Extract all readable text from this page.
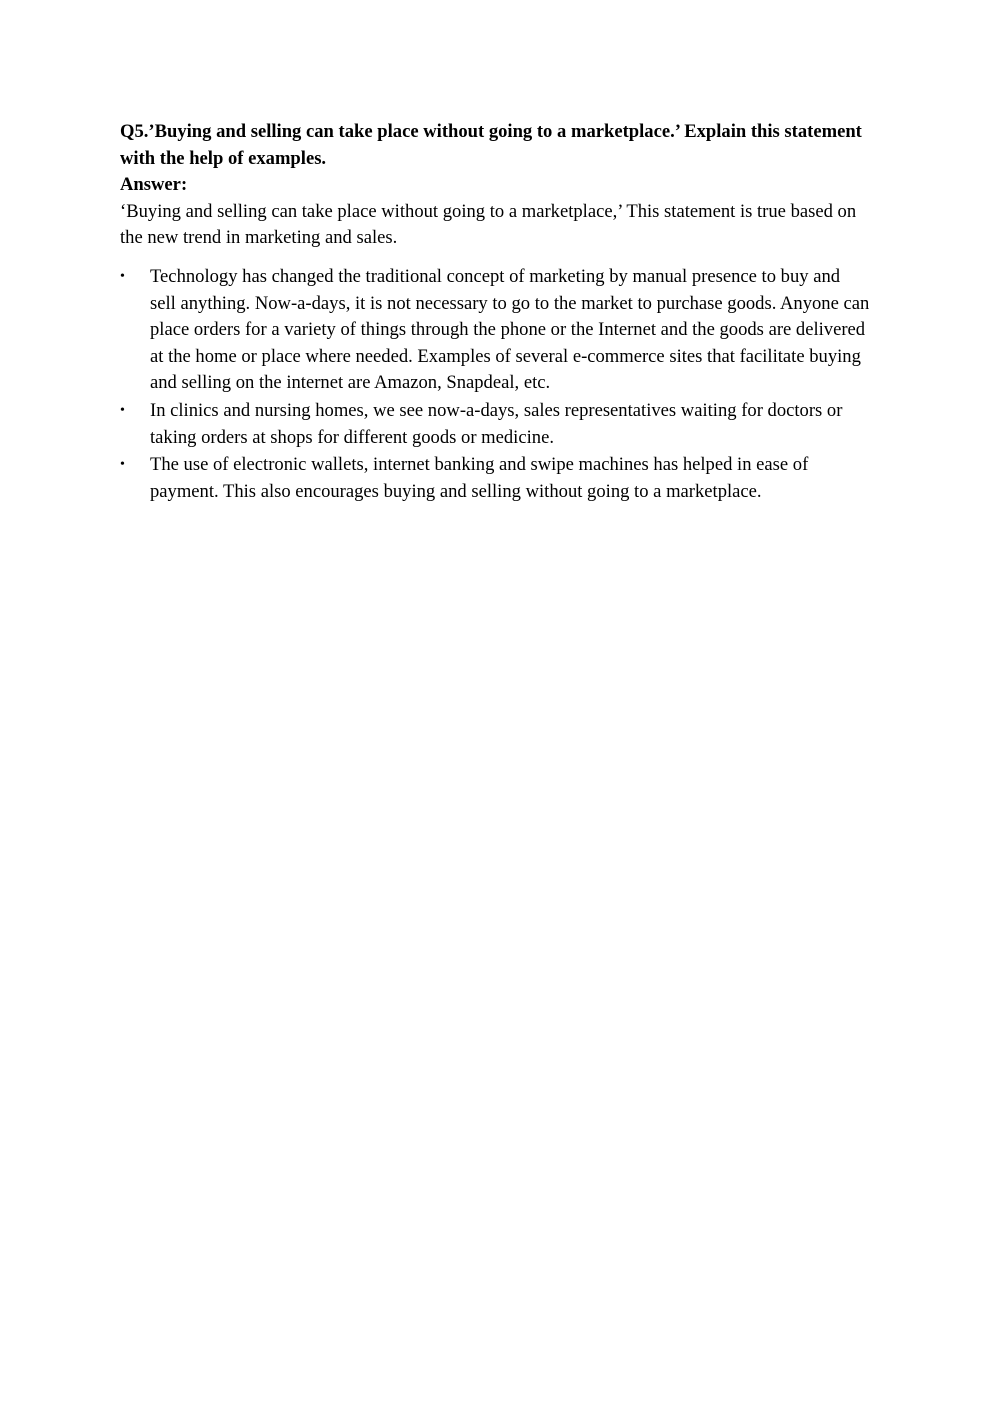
Q5.’Buying and selling can take place without going to a marketplace.’ Explain this statement with the help of examples.

Answer:

‘Buying and selling can take place without going to a marketplace,’ This statement is true based on the new trend in marketing and sales.

• Technology has changed the traditional concept of marketing by manual presence to buy and sell anything. Now-a-days, it is not necessary to go to the market to purchase goods. Anyone can place orders for a variety of things through the phone or the Internet and the goods are delivered at the home or place where needed. Examples of several e-commerce sites that facilitate buying and selling on the internet are Amazon, Snapdeal, etc.
• In clinics and nursing homes, we see now-a-days, sales representatives waiting for doctors or taking orders at shops for different goods or medicine.
• The use of electronic wallets, internet banking and swipe machines has helped in ease of payment. This also encourages buying and selling without going to a marketplace.
